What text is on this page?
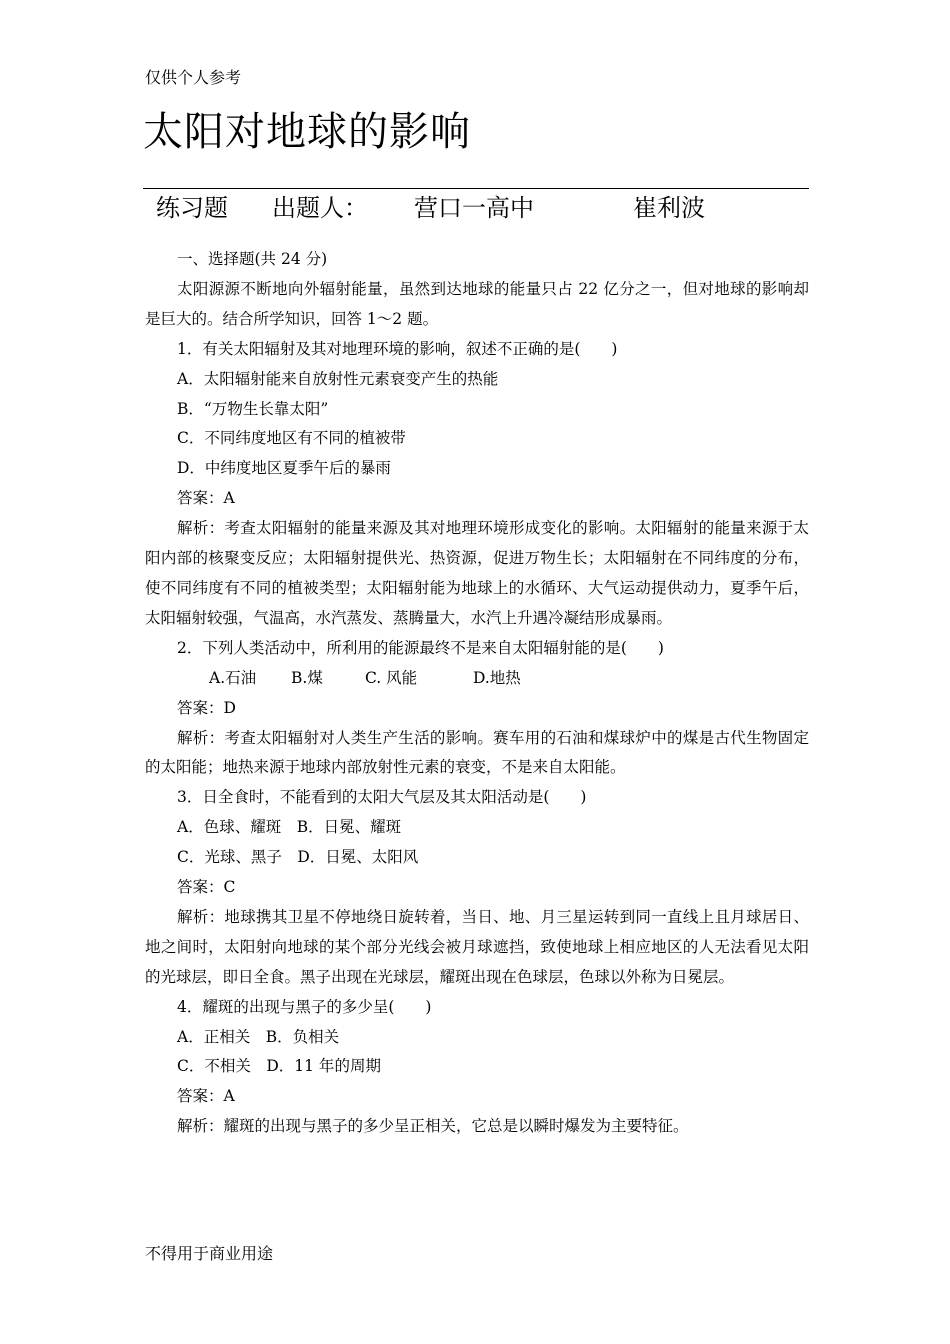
仅供个人参考
太阳对地球的影响
练习题 出题人： 营口一高中	崔利波

一、选择题(共 24 分)

太阳源源不断地向外辐射能量，虽然到达地球的能量只占 22 亿分之一，但对地球的影响却是巨大的。结合所学知识，回答 1～2 题。

1．有关太阳辐射及其对地理环境的影响，叙述不正确的是(　　)

A．太阳辐射能来自放射性元素衰变产生的热能

B．“万物生长靠太阳”

C．不同纬度地区有不同的植被带

D．中纬度地区夏季午后的暴雨

答案：A

解析：考查太阳辐射的能量来源及其对地理环境形成变化的影响。太阳辐射的能量来源于太阳内部的核聚变反应；太阳辐射提供光、热资源，促进万物生长；太阳辐射在不同纬度的分布，使不同纬度有不同的植被类型；太阳辐射能为地球上的水循环、大气运动提供动力，夏季午后，太阳辐射较强，气温高，水汽蒸发、蒸腾量大，水汽上升遇冷凝结形成暴雨。

2．下列人类活动中，所利用的能源最终不是来自太阳辐射能的是(　　)

A.石油 B.煤	C. 风能	D.地热

答案：D

解析：考查太阳辐射对人类生产生活的影响。赛车用的石油和煤球炉中的煤是古代生物固定的太阳能；地热来源于地球内部放射性元素的衰变，不是来自太阳能。

3．日全食时，不能看到的太阳大气层及其太阳活动是(　　)

A．色球、耀斑　B．日冕、耀斑

C．光球、黑子　D．日冕、太阳风

答案：C

解析：地球携其卫星不停地绕日旋转着，当日、地、月三星运转到同一直线上且月球居日、地之间时，太阳射向地球的某个部分光线会被月球遮挡，致使地球上相应地区的人无法看见太阳的光球层，即日全食。黑子出现在光球层，耀斑出现在色球层，色球以外称为日冕层。

4．耀斑的出现与黑子的多少呈(　　)

A．正相关　B．负相关

C．不相关　D．11 年的周期

答案：A

解析：耀斑的出现与黑子的多少呈正相关，它总是以瞬时爆发为主要特征。

不得用于商业用途
